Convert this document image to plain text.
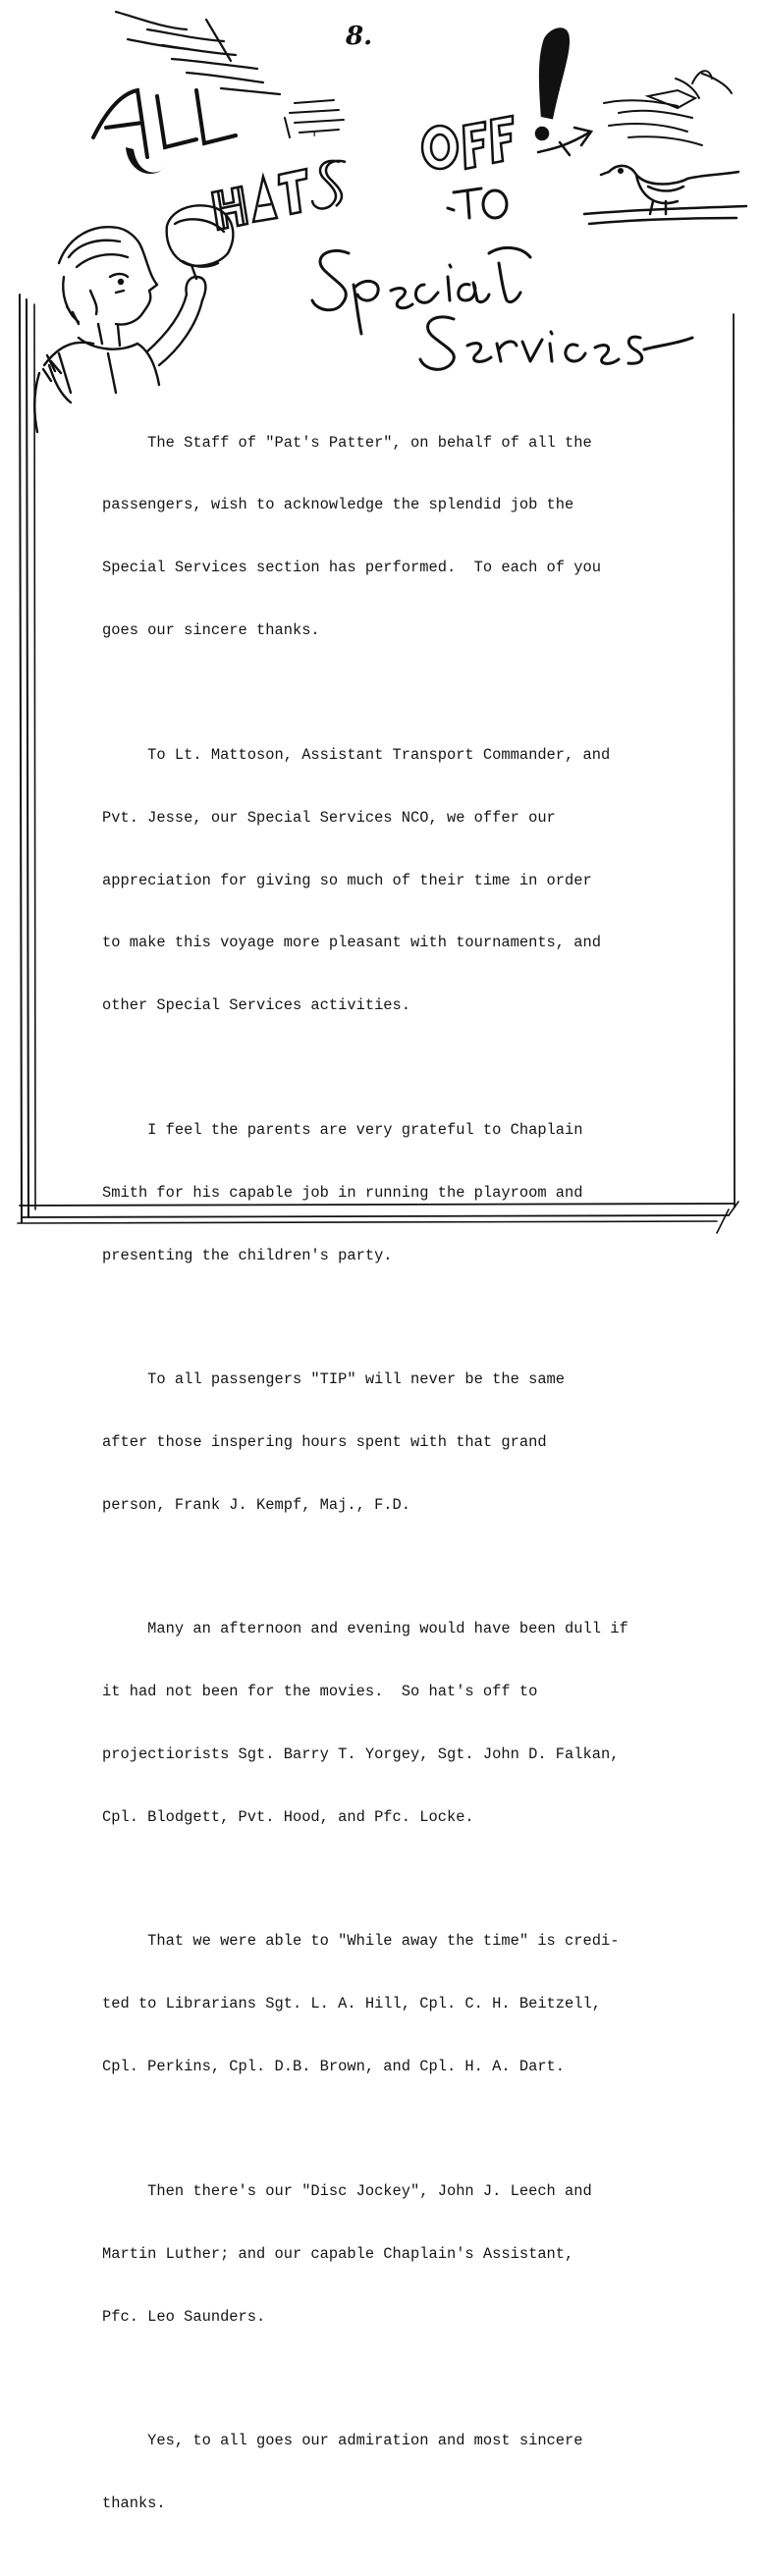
'
8.

The Staff of "Pat's Patter", on behalf of all the

passengers, wish to acknowledge the splendid job the

Special Services section has performed.  To each of you

goes our sincere thanks.

To Lt. Mattoson, Assistant Transport Commander, and

Pvt. Jesse, our Special Services NCO, we offer our

appreciation for giving so much of their time in order

to make this voyage more pleasant with tournaments, and

other Special Services activities.

I feel the parents are very grateful to Chaplain

Smith for his capable job in running the playroom and

presenting the children's party.

To all passengers "TIP" will never be the same

after those inspering hours spent with that grand

person, Frank J. Kempf, Maj., F.D.

Many an afternoon and evening would have been dull if

it had not been for the movies.  So hat's off to

projectiorists Sgt. Barry T. Yorgey, Sgt. John D. Falkan,

Cpl. Blodgett, Pvt. Hood, and Pfc. Locke.

That we were able to "While away the time" is credi-

ted to Librarians Sgt. L. A. Hill, Cpl. C. H. Beitzell,

Cpl. Perkins, Cpl. D.B. Brown, and Cpl. H. A. Dart.

Then there's our "Disc Jockey", John J. Leech and

Martin Luther; and our capable Chaplain's Assistant,

Pfc. Leo Saunders.

Yes, to all goes our admiration and most sincere

thanks.
